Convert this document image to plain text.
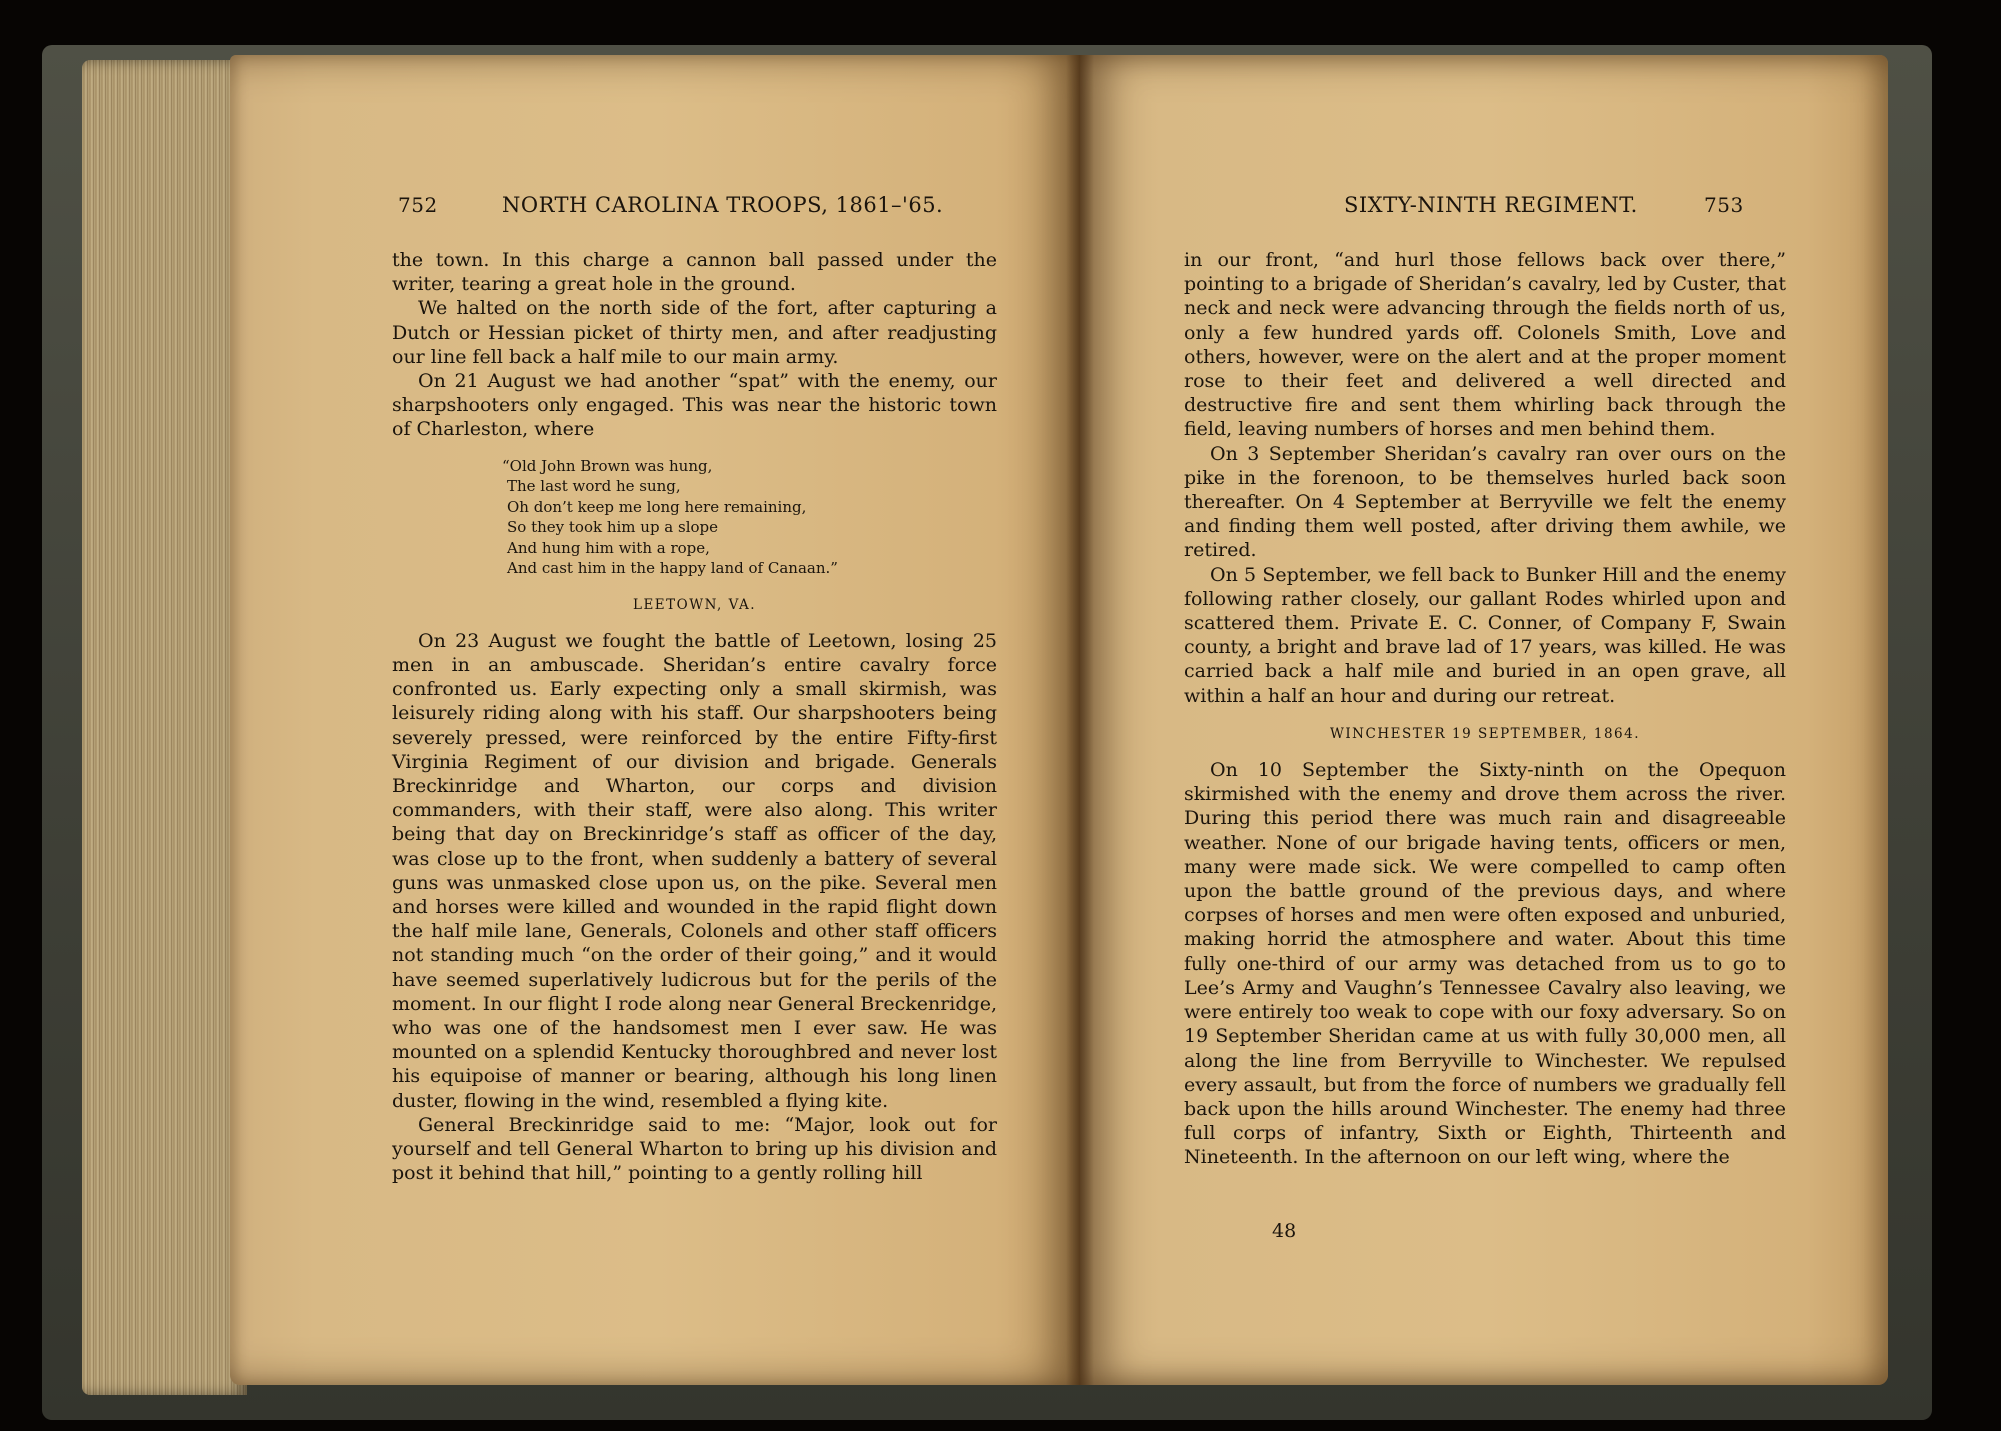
752	NORTH CAROLINA TROOPS, 1861–'65.

the town. In this charge a cannon ball passed under the writer, tearing a great hole in the ground.

We halted on the north side of the fort, after capturing a Dutch or Hessian picket of thirty men, and after readjusting our line fell back a half mile to our main army.

On 21 August we had another “spat” with the enemy, our sharpshooters only engaged. This was near the historic town of Charleston, where

“Old John Brown was hung,
The last word he sung,
Oh don’t keep me long here remaining,
So they took him up a slope
And hung him with a rope,
And cast him in the happy land of Canaan.”
LEETOWN, VA.

On 23 August we fought the battle of Leetown, losing 25 men in an ambuscade. Sheridan’s entire cavalry force confronted us. Early expecting only a small skirmish, was leisurely riding along with his staff. Our sharpshooters being severely pressed, were reinforced by the entire Fifty-first Virginia Regiment of our division and brigade. Generals Breckinridge and Wharton, our corps and division commanders, with their staff, were also along. This writer being that day on Breckinridge’s staff as officer of the day, was close up to the front, when suddenly a battery of several guns was unmasked close upon us, on the pike. Several men and horses were killed and wounded in the rapid flight down the half mile lane, Generals, Colonels and other staff officers not standing much “on the order of their going,” and it would have seemed superlatively ludicrous but for the perils of the moment. In our flight I rode along near General Breckenridge, who was one of the handsomest men I ever saw. He was mounted on a splendid Kentucky thoroughbred and never lost his equipoise of manner or bearing, although his long linen duster, flowing in the wind, resembled a flying kite.

General Breckinridge said to me: “Major, look out for yourself and tell General Wharton to bring up his division and post it behind that hill,” pointing to a gently rolling hill

SIXTY-NINTH REGIMENT.	753

in our front, “and hurl those fellows back over there,” pointing to a brigade of Sheridan’s cavalry, led by Custer, that neck and neck were advancing through the fields north of us, only a few hundred yards off. Colonels Smith, Love and others, however, were on the alert and at the proper moment rose to their feet and delivered a well directed and destructive fire and sent them whirling back through the field, leaving numbers of horses and men behind them.

On 3 September Sheridan’s cavalry ran over ours on the pike in the forenoon, to be themselves hurled back soon thereafter. On 4 September at Berryville we felt the enemy and finding them well posted, after driving them awhile, we retired.

On 5 September, we fell back to Bunker Hill and the enemy following rather closely, our gallant Rodes whirled upon and scattered them. Private E. C. Conner, of Company F, Swain county, a bright and brave lad of 17 years, was killed. He was carried back a half mile and buried in an open grave, all within a half an hour and during our retreat.

WINCHESTER 19 SEPTEMBER, 1864.

On 10 September the Sixty-ninth on the Opequon skirmished with the enemy and drove them across the river. During this period there was much rain and disagreeable weather. None of our brigade having tents, officers or men, many were made sick. We were compelled to camp often upon the battle ground of the previous days, and where corpses of horses and men were often exposed and unburied, making horrid the atmosphere and water. About this time fully one-third of our army was detached from us to go to Lee’s Army and Vaughn’s Tennessee Cavalry also leaving, we were entirely too weak to cope with our foxy adversary. So on 19 September Sheridan came at us with fully 30,000 men, all along the line from Berryville to Winchester. We repulsed every assault, but from the force of numbers we gradually fell back upon the hills around Winchester. The enemy had three full corps of infantry, Sixth or Eighth, Thirteenth and Nineteenth. In the afternoon on our left wing, where the

48
